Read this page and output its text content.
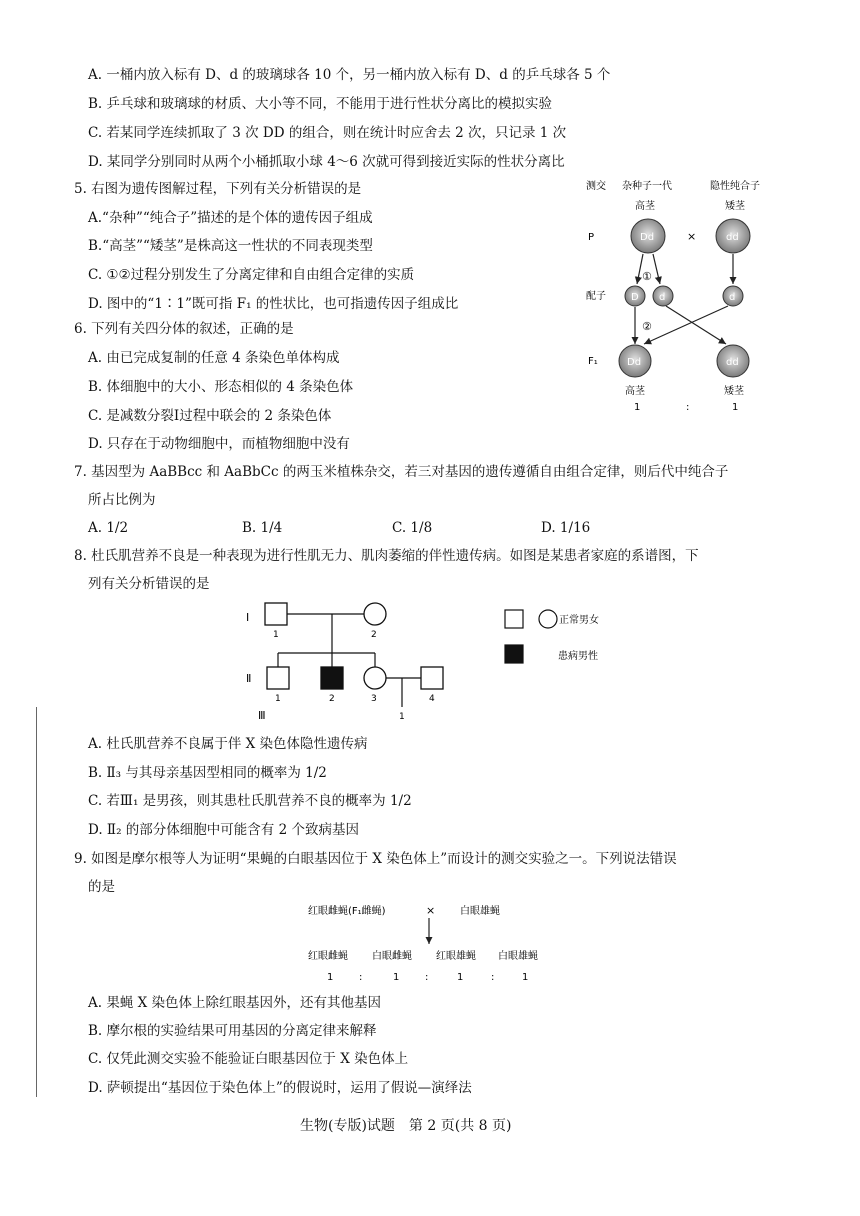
A. 一桶内放入标有 D、d 的玻璃球各 10 个，另一桶内放入标有 D、d 的乒乓球各 5 个
B. 乒乓球和玻璃球的材质、大小等不同，不能用于进行性状分离比的模拟实验
C. 若某同学连续抓取了 3 次 DD 的组合，则在统计时应舍去 2 次，只记录 1 次
D. 某同学分别同时从两个小桶抓取小球 4～6 次就可得到接近实际的性状分离比
5. 右图为遗传图解过程，下列有关分析错误的是
A.“杂种”“纯合子”描述的是个体的遗传因子组成
B.“高茎”“矮茎”是株高这一性状的不同表现类型
C. ①②过程分别发生了分离定律和自由组合定律的实质
D. 图中的“1∶1”既可指 F₁ 的性状比，也可指遗传因子组成比
测交 杂种子一代	隐性纯合子
高茎	矮茎
P	Dd	×	dd
①
配子	D d	d
②
F₁	Dd	dd
高茎	矮茎
1	:	1
6. 下列有关四分体的叙述，正确的是
A. 由已完成复制的任意 4 条染色单体构成
B. 体细胞中的大小、形态相似的 4 条染色体
C. 是减数分裂Ⅰ过程中联会的 2 条染色体
D. 只存在于动物细胞中，而植物细胞中没有
7. 基因型为 AaBBcc 和 AaBbCc 的两玉米植株杂交，若三对基因的遗传遵循自由组合定律，则后代中纯合子
所占比例为
A. 1/2	B. 1/4	C. 1/8	D. 1/16
8. 杜氏肌营养不良是一种表现为进行性肌无力、肌肉萎缩的伴性遗传病。如图是某患者家庭的系谱图，下
列有关分析错误的是
Ⅰ
1	2
Ⅱ
1	2	3	4
Ⅲ	1
正常男女
患病男性
A. 杜氏肌营养不良属于伴 X 染色体隐性遗传病
B. Ⅱ₃ 与其母亲基因型相同的概率为 1/2
C. 若Ⅲ₁ 是男孩，则其患杜氏肌营养不良的概率为 1/2
D. Ⅱ₂ 的部分体细胞中可能含有 2 个致病基因
9. 如图是摩尔根等人为证明“果蝇的白眼基因位于 X 染色体上”而设计的测交实验之一。下列说法错误
的是
红眼雌蝇(F₁雌蝇)	× 白眼雄蝇
红眼雌蝇 白眼雌蝇 红眼雄蝇 白眼雄蝇
1	:	1	:	1	:	1
A. 果蝇 X 染色体上除红眼基因外，还有其他基因
B. 摩尔根的实验结果可用基因的分离定律来解释
C. 仅凭此测交实验不能验证白眼基因位于 X 染色体上
D. 萨顿提出“基因位于染色体上”的假说时，运用了假说—演绎法
生物(专版)试题　第 2 页(共 8 页)
